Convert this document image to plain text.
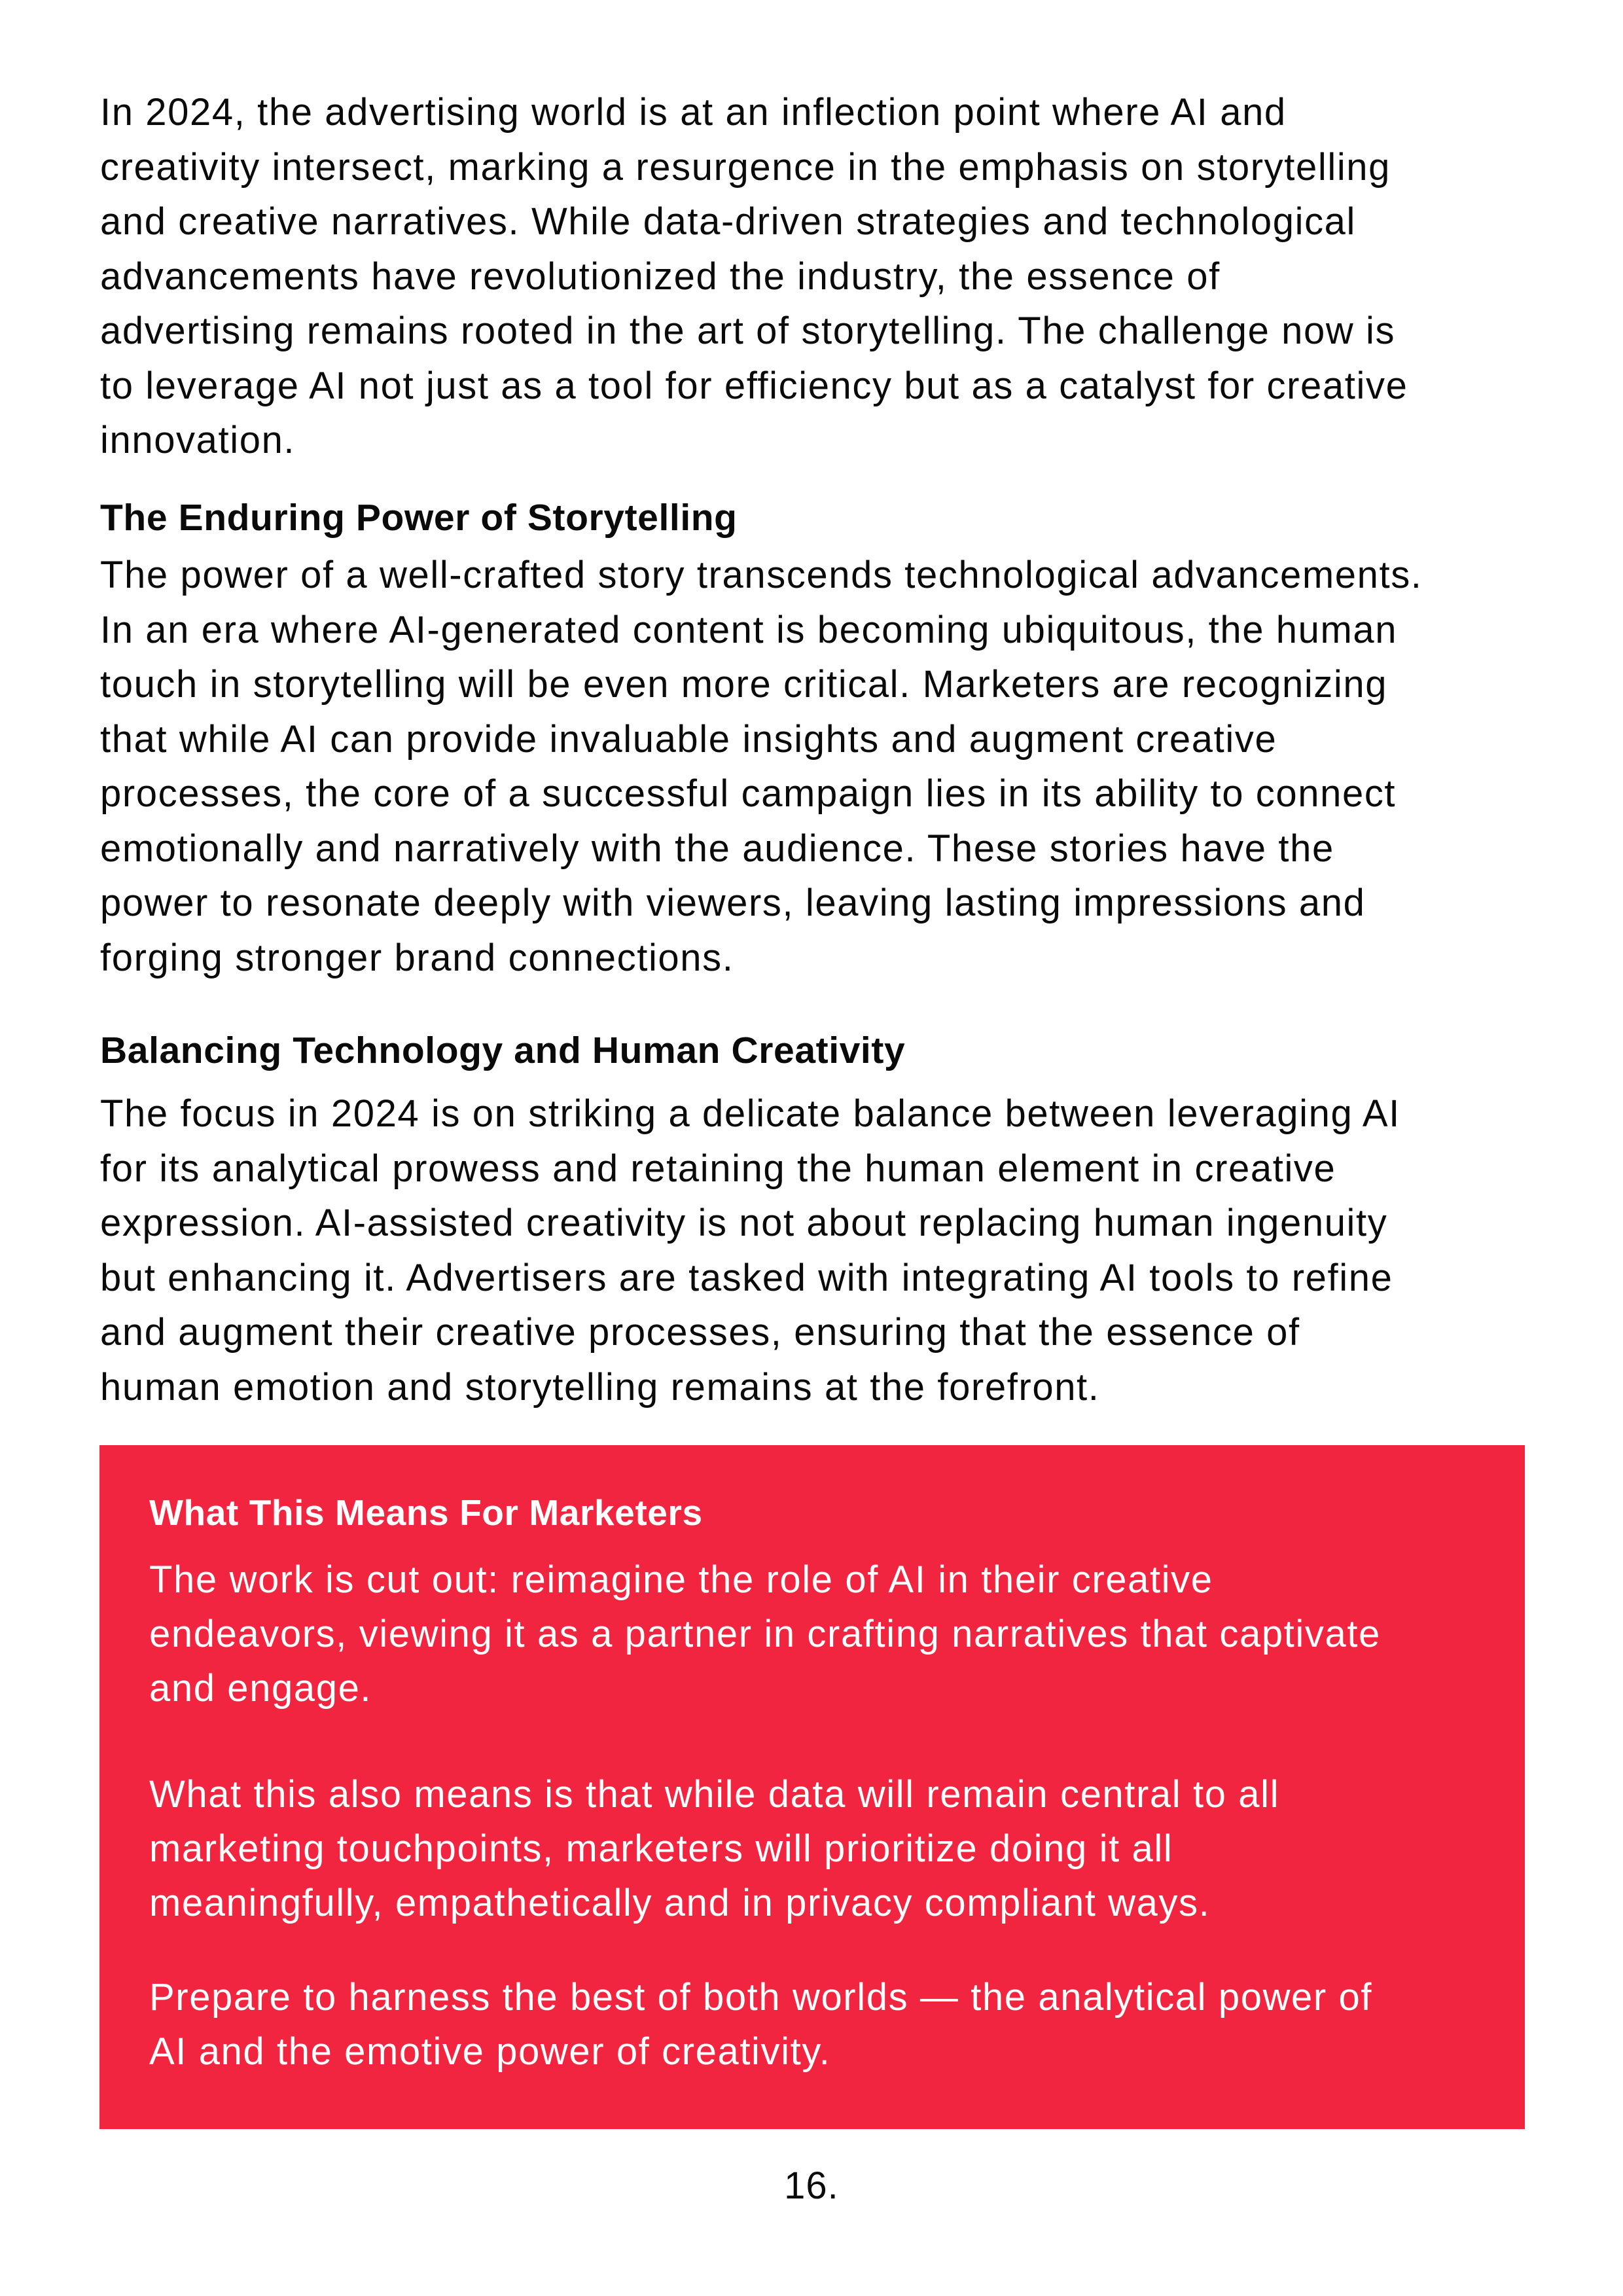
In 2024, the advertising world is at an inflection point where AI and
creativity intersect, marking a resurgence in the emphasis on storytelling
and creative narratives. While data-driven strategies and technological
advancements have revolutionized the industry, the essence of
advertising remains rooted in the art of storytelling. The challenge now is
to leverage AI not just as a tool for efficiency but as a catalyst for creative
innovation.
The Enduring Power of Storytelling
The power of a well-crafted story transcends technological advancements.
In an era where AI-generated content is becoming ubiquitous, the human
touch in storytelling will be even more critical. Marketers are recognizing
that while AI can provide invaluable insights and augment creative
processes, the core of a successful campaign lies in its ability to connect
emotionally and narratively with the audience. These stories have the
power to resonate deeply with viewers, leaving lasting impressions and
forging stronger brand connections.
Balancing Technology and Human Creativity
The focus in 2024 is on striking a delicate balance between leveraging AI
for its analytical prowess and retaining the human element in creative
expression. AI-assisted creativity is not about replacing human ingenuity
but enhancing it. Advertisers are tasked with integrating AI tools to refine
and augment their creative processes, ensuring that the essence of
human emotion and storytelling remains at the forefront.
What This Means For Marketers
The work is cut out: reimagine the role of AI in their creative
endeavors, viewing it as a partner in crafting narratives that captivate
and engage.
What this also means is that while data will remain central to all
marketing touchpoints, marketers will prioritize doing it all
meaningfully, empathetically and in privacy compliant ways.
Prepare to harness the best of both worlds — the analytical power of
AI and the emotive power of creativity.
16.
